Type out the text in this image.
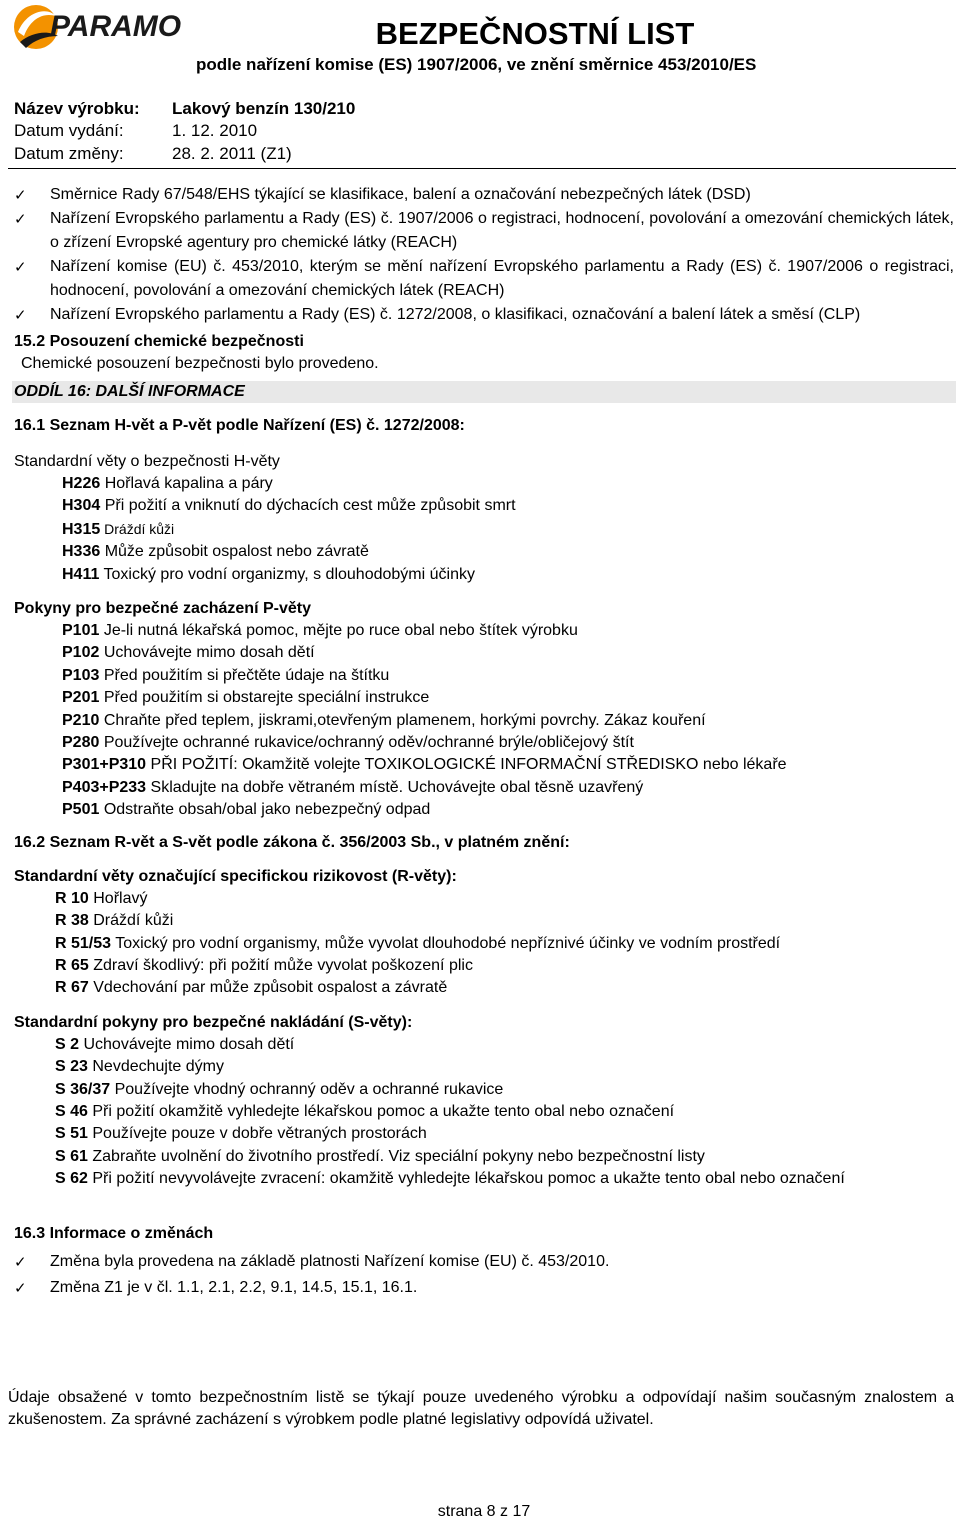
PARAMO	BEZPEČNOSTNÍ LIST
podle nařízení komise (ES) 1907/2006, ve znění směrnice 453/2010/ES
Název výrobku: Lakový benzín 130/210
Datum vydání:	1. 12. 2010
Datum změny:	28. 2. 2011 (Z1)
✓ Směrnice Rady 67/548/EHS týkající se klasifikace, balení a označování nebezpečných látek (DSD)
✓ Nařízení Evropského parlamentu a Rady (ES) č. 1907/2006 o registraci, hodnocení, povolování a omezování chemických látek, o zřízení Evropské agentury pro chemické látky (REACH)
✓ Nařízení komise (EU) č. 453/2010, kterým se mění nařízení Evropského parlamentu a Rady (ES) č. 1907/2006 o registraci, hodnocení, povolování a omezování chemických látek (REACH)
✓ Nařízení Evropského parlamentu a Rady (ES) č. 1272/2008, o klasifikaci, označování a balení látek a směsí (CLP)
15.2 Posouzení chemické bezpečnosti
Chemické posouzení bezpečnosti bylo provedeno.
ODDÍL 16: DALŠÍ INFORMACE
16.1 Seznam H-vět a P-vět podle Nařízení (ES) č. 1272/2008:
Standardní věty o bezpečnosti H-věty
H226 Hořlavá kapalina a páry
H304 Při požití a vniknutí do dýchacích cest může způsobit smrt
H315 Dráždí kůži
H336 Může způsobit ospalost nebo závratě
H411 Toxický pro vodní organizmy, s dlouhodobými účinky
Pokyny pro bezpečné zacházení P-věty
P101 Je-li nutná lékařská pomoc, mějte po ruce obal nebo štítek výrobku
P102 Uchovávejte mimo dosah dětí
P103 Před použitím si přečtěte údaje na štítku
P201 Před použitím si obstarejte speciální instrukce
P210 Chraňte před teplem, jiskrami,otevřeným plamenem, horkými povrchy. Zákaz kouření
P280 Používejte ochranné rukavice/ochranný oděv/ochranné brýle/obličejový štít
P301+P310 PŘI POŽITÍ: Okamžitě volejte TOXIKOLOGICKÉ INFORMAČNÍ STŘEDISKO nebo lékaře
P403+P233 Skladujte na dobře větraném místě. Uchovávejte obal těsně uzavřený
P501 Odstraňte obsah/obal jako nebezpečný odpad
16.2 Seznam R-vět a S-vět podle zákona č. 356/2003 Sb., v platném znění:
Standardní věty označující specifickou rizikovost (R-věty):
R 10 Hořlavý
R 38 Dráždí kůži
R 51/53 Toxický pro vodní organismy, může vyvolat dlouhodobé nepříznivé účinky ve vodním prostředí
R 65 Zdraví škodlivý: při požití může vyvolat poškození plic
R 67 Vdechování par může způsobit ospalost a závratě
Standardní pokyny pro bezpečné nakládání (S-věty):
S 2 Uchovávejte mimo dosah dětí
S 23 Nevdechujte dýmy
S 36/37 Používejte vhodný ochranný oděv a ochranné rukavice
S 46 Při požití okamžitě vyhledejte lékařskou pomoc a ukažte tento obal nebo označení
S 51 Používejte pouze v dobře větraných prostorách
S 61 Zabraňte uvolnění do životního prostředí. Viz speciální pokyny nebo bezpečnostní listy
S 62 Při požití nevyvolávejte zvracení: okamžitě vyhledejte lékařskou pomoc a ukažte tento obal nebo označení
16.3 Informace o změnách
✓ Změna byla provedena na základě platnosti Nařízení komise (EU) č. 453/2010.
✓ Změna Z1 je v čl. 1.1, 2.1, 2.2, 9.1, 14.5, 15.1, 16.1.
Údaje obsažené v tomto bezpečnostním listě se týkají pouze uvedeného výrobku a odpovídají našim současným znalostem a zkušenostem. Za správné zacházení s výrobkem podle platné legislativy odpovídá uživatel.
strana 8 z 17
